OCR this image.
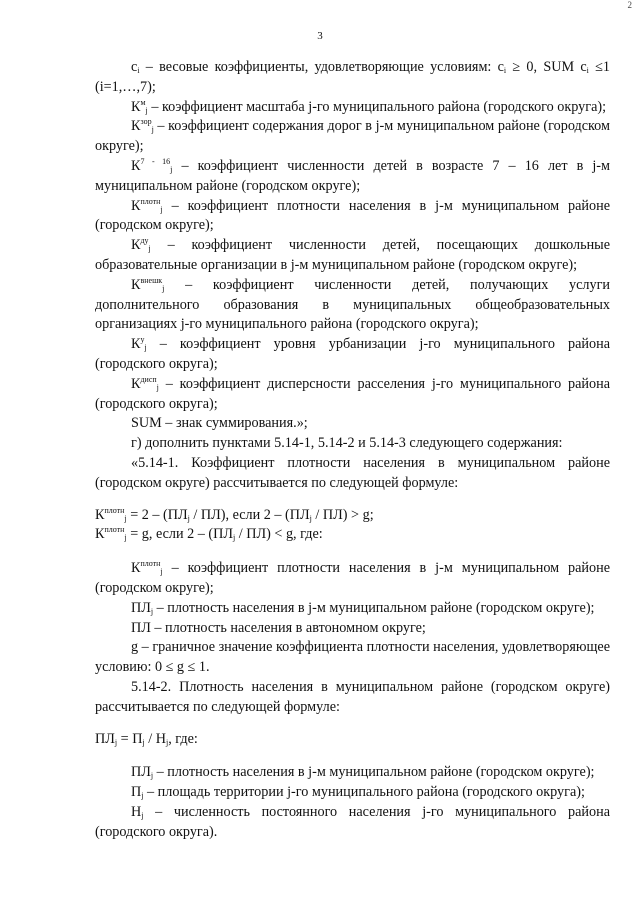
2
3

$c_i$ – весовые коэффициенты, удовлетворяющие условиям: $c_i \ge 0$, SUM $c_i \le 1$ (i=1,…,7);

$К^м_j$ – коэффициент масштаба j-го муниципального района (городского округа);

$К^{зор}_j$ – коэффициент содержания дорог в j-м муниципальном районе (городском округе);

$К^{7 - 16}_j$ – коэффициент численности детей в возрасте 7 – 16 лет в j-м муниципальном районе (городском округе);

$К^{плотн}_j$ – коэффициент плотности населения в j-м муниципальном районе (городском округе);

$К^{ду}_j$ – коэффициент численности детей, посещающих дошкольные образовательные организации в j-м муниципальном районе (городском округе);

$К^{внешк}_j$ – коэффициент численности детей, получающих услуги дополнительного образования в муниципальных общеобразовательных организациях j-го муниципального района (городского округа);

$К^у_j$ – коэффициент уровня урбанизации j-го муниципального района (городского округа);

$К^{дисп}_j$ – коэффициент дисперсности расселения j-го муниципального района (городского округа);

SUM – знак суммирования.»;

г) дополнить пунктами 5.14-1, 5.14-2 и 5.14-3 следующего содержания:

«5.14-1. Коэффициент плотности населения в муниципальном районе (городском округе) рассчитывается по следующей формуле:

$К^{плотн}_j = 2 - (ПЛ_j / ПЛ)$, если $2 - (ПЛ_j / ПЛ) > g$;

$К^{плотн}_j = g$, если $2 - (ПЛ_j / ПЛ) < g$, где:

$К^{плотн}_j$ – коэффициент плотности населения в j-м муниципальном районе (городском округе);

$ПЛ_j$ – плотность населения в j-м муниципальном районе (городском округе);

ПЛ – плотность населения в автономном округе;

g – граничное значение коэффициента плотности населения, удовлетворяющее условию: 0 ≤ g ≤ 1.

5.14-2. Плотность населения в муниципальном районе (городском округе) рассчитывается по следующей формуле:

$ПЛ_j = П_j / Н_j$, где:

$ПЛ_j$ – плотность населения в j-м муниципальном районе (городском округе);

$П_j$ – площадь территории j-го муниципального района (городского округа);

$Н_j$ – численность постоянного населения j-го муниципального района (городского округа).
